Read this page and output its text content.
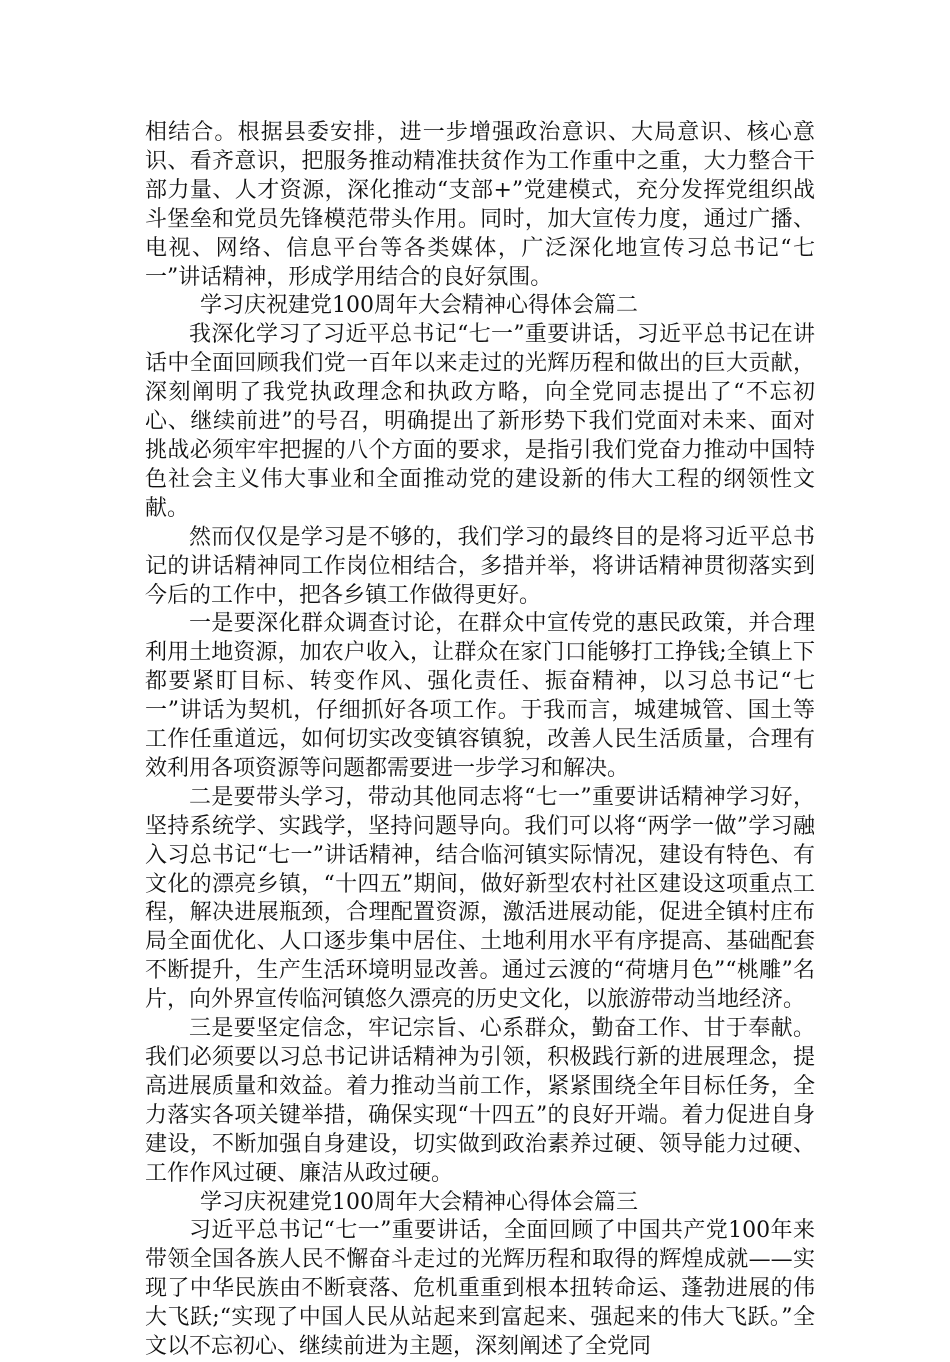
相结合。根据县委安排，进一步增强政治意识、大局意识、核心意识、看齐意识，把服务推动精准扶贫作为工作重中之重，大力整合干部力量、人才资源，深化推动“支部+”党建模式，充分发挥党组织战斗堡垒和党员先锋模范带头作用。同时，加大宣传力度，通过广播、电视、网络、信息平台等各类媒体，广泛深化地宣传习总书记“七一”讲话精神，形成学用结合的良好氛围。

学习庆祝建党100周年大会精神心得体会篇二

我深化学习了习近平总书记“七一”重要讲话，习近平总书记在讲话中全面回顾我们党一百年以来走过的光辉历程和做出的巨大贡献，深刻阐明了我党执政理念和执政方略，向全党同志提出了“不忘初心、继续前进”的号召，明确提出了新形势下我们党面对未来、面对挑战必须牢牢把握的八个方面的要求，是指引我们党奋力推动中国特色社会主义伟大事业和全面推动党的建设新的伟大工程的纲领性文献。

然而仅仅是学习是不够的，我们学习的最终目的是将习近平总书记的讲话精神同工作岗位相结合，多措并举，将讲话精神贯彻落实到今后的工作中，把各乡镇工作做得更好。

一是要深化群众调查讨论，在群众中宣传党的惠民政策，并合理利用土地资源，加农户收入，让群众在家门口能够打工挣钱;全镇上下都要紧盯目标、转变作风、强化责任、振奋精神，以习总书记“七一”讲话为契机，仔细抓好各项工作。于我而言，城建城管、国土等工作任重道远，如何切实改变镇容镇貌，改善人民生活质量，合理有效利用各项资源等问题都需要进一步学习和解决。

二是要带头学习，带动其他同志将“七一”重要讲话精神学习好，坚持系统学、实践学，坚持问题导向。我们可以将“两学一做”学习融入习总书记“七一”讲话精神，结合临河镇实际情况，建设有特色、有文化的漂亮乡镇，“十四五”期间，做好新型农村社区建设这项重点工程，解决进展瓶颈，合理配置资源，激活进展动能，促进全镇村庄布局全面优化、人口逐步集中居住、土地利用水平有序提高、基础配套不断提升，生产生活环境明显改善。通过云渡的“荷塘月色”“桃雕”名片，向外界宣传临河镇悠久漂亮的历史文化，以旅游带动当地经济。

三是要坚定信念，牢记宗旨、心系群众，勤奋工作、甘于奉献。我们必须要以习总书记讲话精神为引领，积极践行新的进展理念，提高进展质量和效益。着力推动当前工作，紧紧围绕全年目标任务，全力落实各项关键举措，确保实现“十四五”的良好开端。着力促进自身建设，不断加强自身建设，切实做到政治素养过硬、领导能力过硬、工作作风过硬、廉洁从政过硬。

学习庆祝建党100周年大会精神心得体会篇三

习近平总书记“七一”重要讲话，全面回顾了中国共产党100年来带领全国各族人民不懈奋斗走过的光辉历程和取得的辉煌成就——实现了中华民族由不断衰落、危机重重到根本扭转命运、蓬勃进展的伟大飞跃;“实现了中国人民从站起来到富起来、强起来的伟大飞跃。”全文以不忘初心、继续前进为主题，深刻阐述了全党同
